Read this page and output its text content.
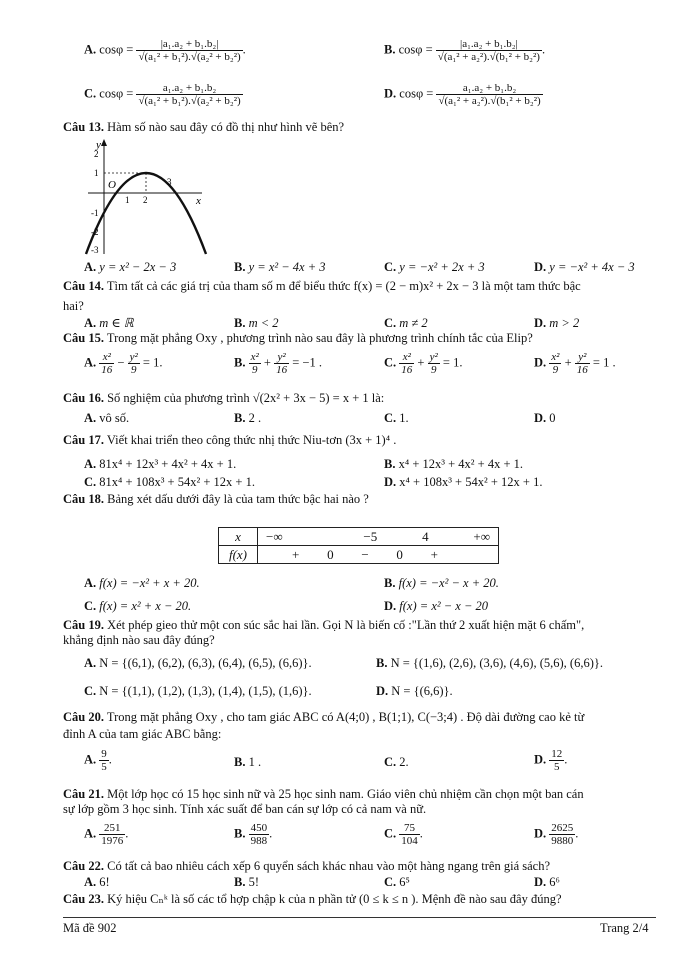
A. $\cos\varphi = \frac{\text{|a₁.a₂ + b₁.b₂|}}{\text{√(a₁² + b₁²).√(a₂² + b₂²)}}$ .	B. $\cos\varphi = \frac{\text{|a₁.a₂ + b₁.b₂|}}{\text{√(a₁² + a₂²).√(b₁² + b₂²)}}$ .
C. $\cos\varphi = \frac{\text{a₁.a₂ + b₁.b₂}}{\text{√(a₁² + b₁²).√(a₂² + b₂²)}}$	D. $\cos\varphi = \frac{\text{a₁.a₂ + b₁.b₂}}{\text{√(a₁² + a₂²).√(b₁² + b₂²)}}$
Câu 13. Hàm số nào sau đây có đồ thị như hình vẽ bên?
y
x
O
2
1
-1
-2
-3
1 2
3
A. y = x² − 2x − 3	B. y = x² − 4x + 3	C. y = −x² + 2x + 3	D. y = −x² + 4x − 3
Câu 14. Tìm tất cả các giá trị của tham số m để biểu thức f(x) = (2 − m)x² + 2x − 3 là một tam thức bậc
hai?
A. m ∈ ℝ	B. m < 2	C. m ≠ 2	D. m > 2
Câu 15. Trong mặt phẳng Oxy , phương trình nào sau đây là phương trình chính tắc của Elip?
A. $\frac{\text{x²}}{16} - \frac{\text{y²}}{9} = 1$.	B. $\frac{\text{x²}}{9} + \frac{\text{y²}}{16} = -1$ .	C. $\frac{\text{x²}}{16} + \frac{\text{y²}}{9} = 1$.	D. $\frac{\text{x²}}{9} + \frac{\text{y²}}{16} = 1$ .
Câu 16. Số nghiệm của phương trình √(2x² + 3x − 5) = x + 1 là:
A. vô số.	B. 2 .	C. 1.	D. 0
Câu 17. Viết khai triển theo công thức nhị thức Niu-tơn (3x + 1)⁴ .
A. 81x⁴ + 12x³ + 4x² + 4x + 1.	B. x⁴ + 12x³ + 4x² + 4x + 1.
C. 81x⁴ + 108x³ + 54x² + 12x + 1.	D. x⁴ + 108x³ + 54x² + 12x + 1.
Câu 18. Bảng xét dấu dưới đây là của tam thức bậc hai nào ?
x	−∞ −5 4 +∞

f(x)	+ 0 − 0 +
A. f(x) = −x² + x + 20.	B. f(x) = −x² − x + 20.
C. f(x) = x² + x − 20.	D. f(x) = x² − x − 20
Câu 19. Xét phép gieo thử một con súc sắc hai lần. Gọi N là biến cố :"Lần thứ 2 xuất hiện mặt 6 chấm",
khẳng định nào sau đây đúng?
A. N = {(6,1), (6,2), (6,3), (6,4), (6,5), (6,6)}.	B. N = {(1,6), (2,6), (3,6), (4,6), (5,6), (6,6)}.
C. N = {(1,1), (1,2), (1,3), (1,4), (1,5), (1,6)}.	D. N = {(6,6)}.
Câu 20. Trong mặt phẳng Oxy , cho tam giác ABC có A(4;0) , B(1;1), C(−3;4) . Độ dài đường cao kẻ từ
đỉnh A của tam giác ABC bằng:
A. $\frac{9}{5}$ .	B. 1 .	C. 2.	D. $\frac{12}{5}$ .
Câu 21. Một lớp học có 15 học sinh nữ và 25 học sinh nam. Giáo viên chủ nhiệm cần chọn một ban cán
sự lớp gồm 3 học sinh. Tính xác suất để ban cán sự lớp có cả nam và nữ.
A. $\frac{251}{1976}$ .	B. $\frac{450}{988}$ .	C. $\frac{75}{104}$ .	D. $\frac{2625}{9880}$ .
Câu 22. Có tất cả bao nhiêu cách xếp 6 quyển sách khác nhau vào một hàng ngang trên giá sách?
A. 6!	B. 5!	C. 6⁵	D. 6⁶
Câu 23. Ký hiệu Cₙᵏ là số các tổ hợp chập k của n phần tử (0 ≤ k ≤ n ). Mệnh đề nào sau đây đúng?
Mã đề 902	Trang 2/4
